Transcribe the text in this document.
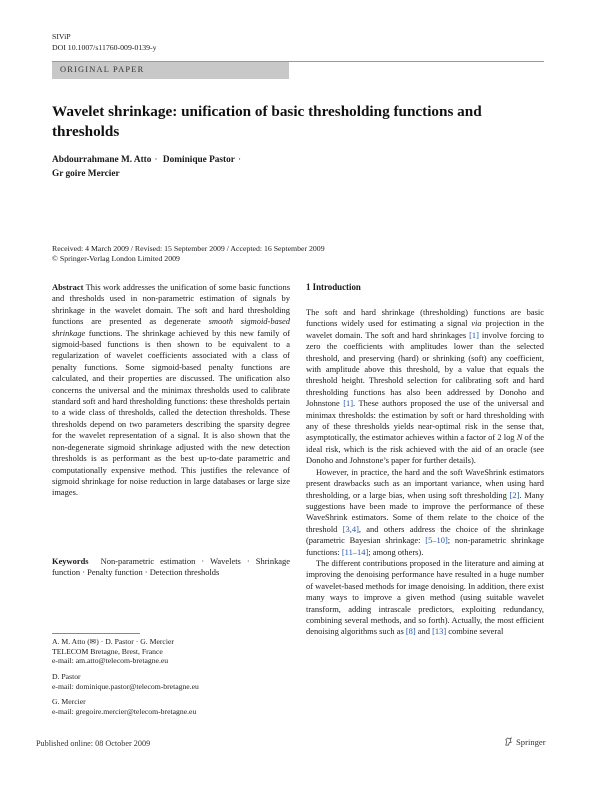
SIViP
DOI 10.1007/s11760-009-0139-y
ORIGINAL PAPER
Wavelet shrinkage: unification of basic thresholding functions and thresholds
Abdourrahmane M. Atto · Dominique Pastor ·
Gr goire Mercier
Received: 4 March 2009 / Revised: 15 September 2009 / Accepted: 16 September 2009
© Springer-Verlag London Limited 2009
Abstract This work addresses the unification of some basic functions and thresholds used in non-parametric estimation of signals by shrinkage in the wavelet domain. The soft and hard thresholding functions are presented as degenerate smooth sigmoid-based shrinkage functions. The shrinkage achieved by this new family of sigmoid-based functions is then shown to be equivalent to a regularization of wavelet coefficients associated with a class of penalty functions. Some sigmoid-based penalty functions are calculated, and their properties are discussed. The unification also concerns the universal and the minimax thresholds used to calibrate standard soft and hard thresholding functions: these thresholds pertain to a wide class of thresholds, called the detection thresholds. These thresholds depend on two parameters describing the sparsity degree for the wavelet representation of a signal. It is also shown that the non-degenerate sigmoid shrinkage adjusted with the new detection thresholds is as performant as the best up-to-date parametric and computationally expensive method. This justifies the relevance of sigmoid shrinkage for noise reduction in large databases or large size images.
Keywords Non-parametric estimation · Wavelets · Shrinkage function · Penalty function · Detection thresholds
A. M. Atto (✉) · D. Pastor · G. Mercier
TELECOM Bretagne, Brest, France
e-mail: am.atto@telecom-bretagne.eu
D. Pastor
e-mail: dominique.pastor@telecom-bretagne.eu
G. Mercier
e-mail: gregoire.mercier@telecom-bretagne.eu
1 Introduction

The soft and hard shrinkage (thresholding) functions are basic functions widely used for estimating a signal via projection in the wavelet domain. The soft and hard shrinkages [1] involve forcing to zero the coefficients with amplitudes lower than the selected threshold, and preserving (hard) or shrinking (soft) any coefficient, with amplitude above this threshold, by a value that equals the threshold height. Threshold selection for calibrating soft and hard thresholding functions has also been addressed by Donoho and Johnstone [1]. These authors proposed the use of the universal and minimax thresholds: the estimation by soft or hard thresholding with any of these thresholds yields near-optimal risk in the sense that, asymptotically, the estimator achieves within a factor of 2 log N of the ideal risk, which is the risk achieved with the aid of an oracle (see Donoho and Johnstone’s paper for further details).

However, in practice, the hard and the soft WaveShrink estimators present drawbacks such as an important variance, when using hard thresholding, or a large bias, when using soft thresholding [2]. Many suggestions have been made to improve the performance of these WaveShrink estimators. Some of them relate to the choice of the threshold [3,4], and others address the choice of the shrinkage (parametric Bayesian shrinkage: [5–10]; non-parametric shrinkage functions: [11–14]; among others).

The different contributions proposed in the literature and aiming at improving the denoising performance have resulted in a huge number of wavelet-based methods for image denoising. In addition, there exist many ways to improve a given method (using suitable wavelet transform, adding intrascale predictors, exploiting redundancy, combining several methods, and so forth). Actually, the most efficient denoising algorithms such as [8] and [13] combine several

Published online: 08 October 2009	Springer
